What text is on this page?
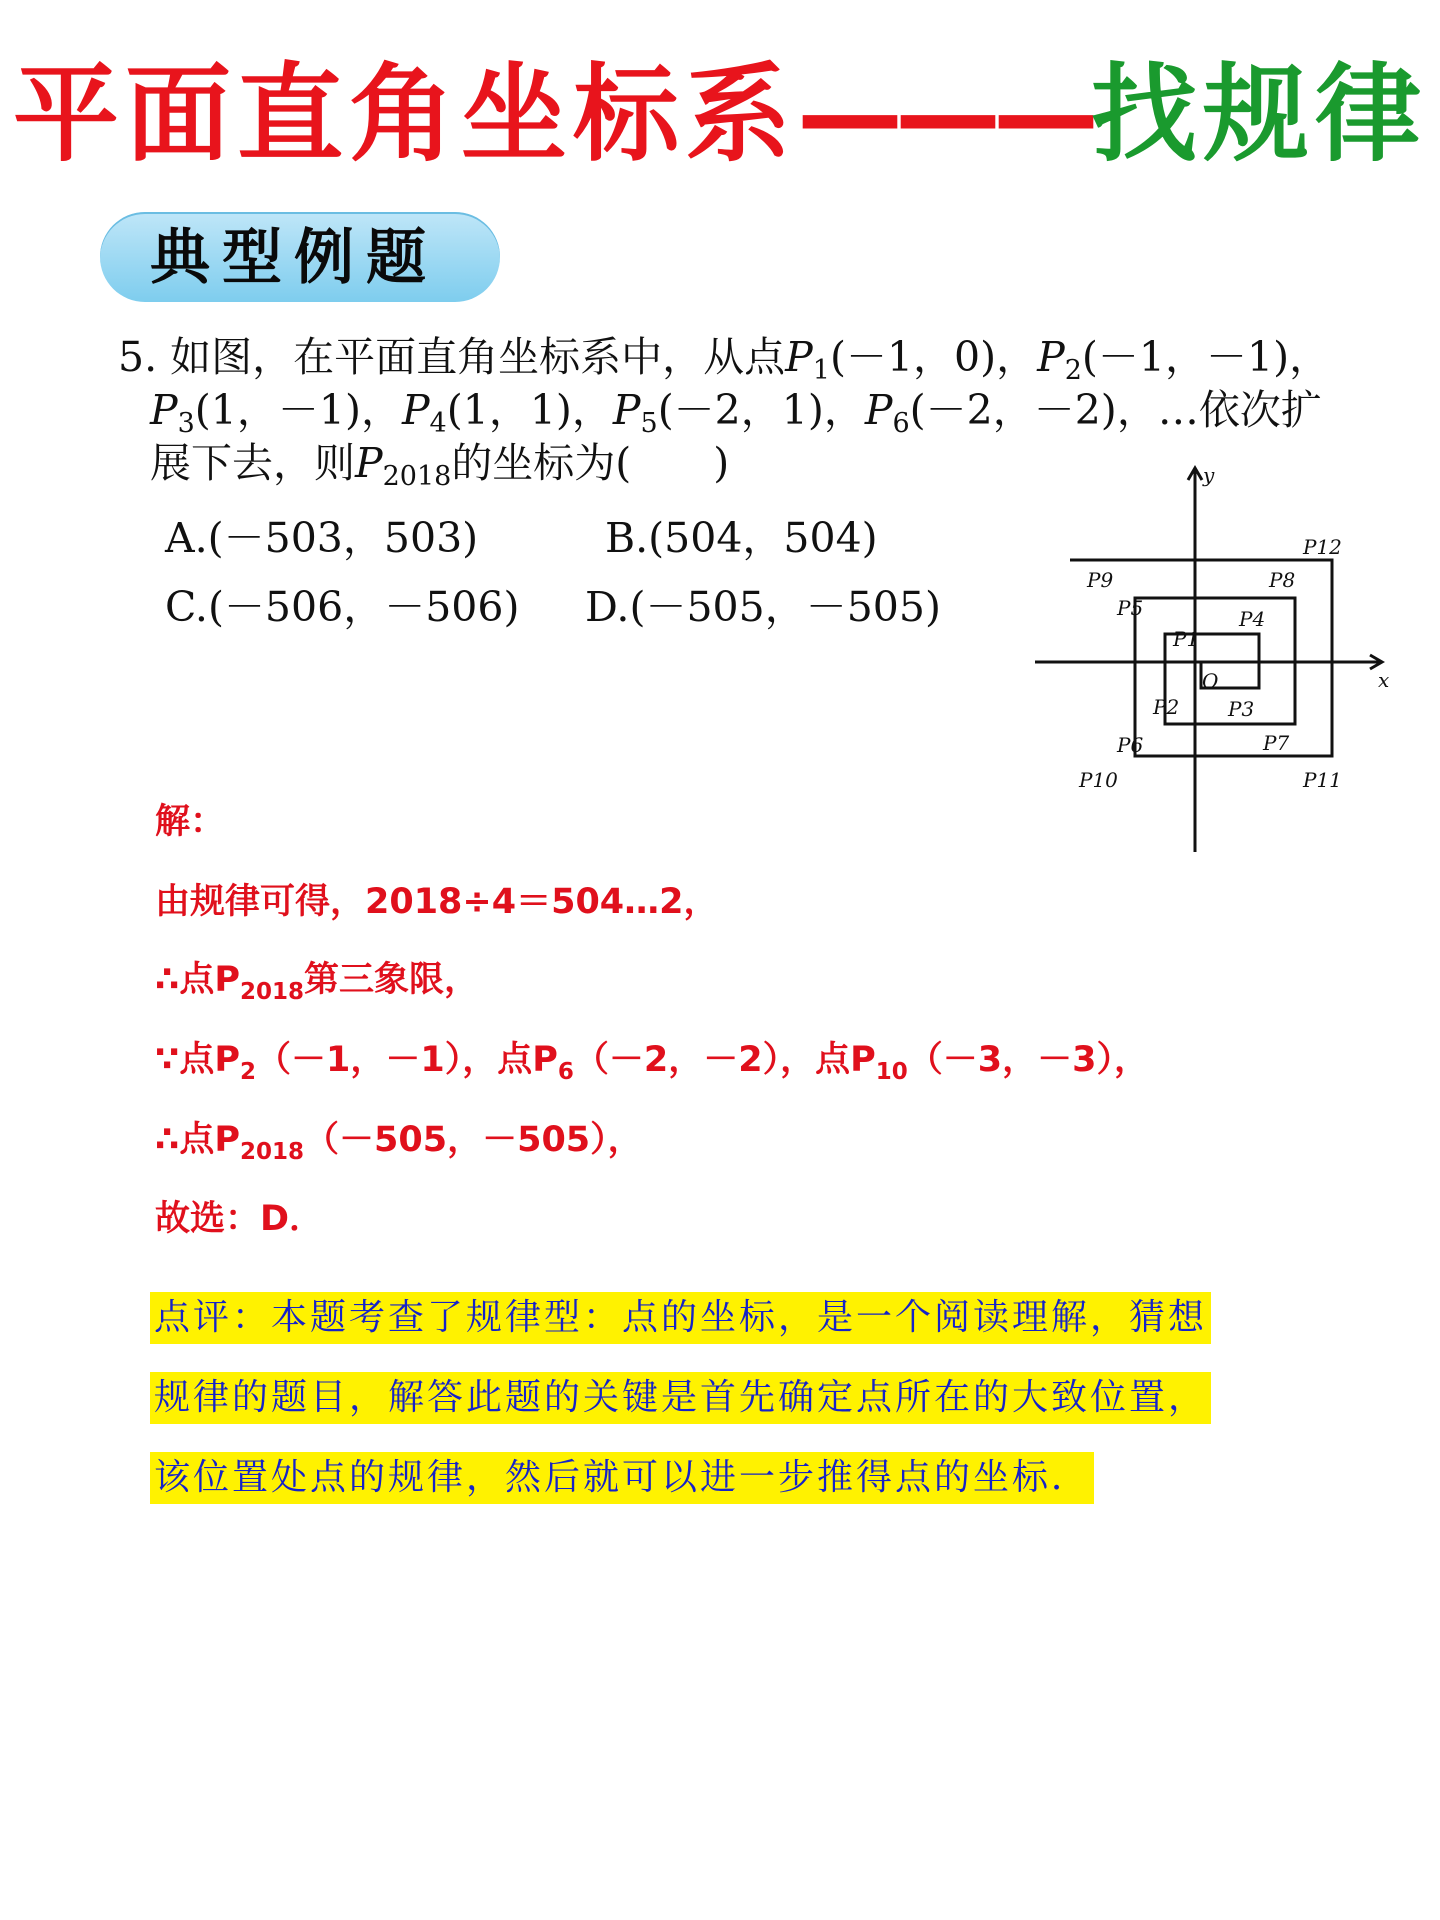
平面直角坐标系———找规律
典型例题
5. 如图，在平面直角坐标系中，从点$P_1(-1$，0)，$P_2(-1$，－1)，
$P_3(1$，－1)，$P_4(1$，1)，$P_5(-2$，1)，$P_6(-2$，－2)，…依次扩
展下去，则$P_{2018}$的坐标为(　　)
A.(－503，503)	B.(504，504)
C.(－506，－506) D.(－505，－505)
x
y
O
P1
P2 P3
P4
P5
P6	P7
P8
P9
P10	P11
P12
解：
由规律可得，2018÷4＝504…2，
∴点$P_{2018}$第三象限，
∵点$P_2(-1$，－1），点$P_6(-2$，－2），点$P_{10}(-3$，－3），
∴点$P_{2018}(-505$，－505），
故选：D．
点评：本题考查了规律型：点的坐标，是一个阅读理解，猜想
规律的题目，解答此题的关键是首先确定点所在的大致位置，
该位置处点的规律，然后就可以进一步推得点的坐标．
